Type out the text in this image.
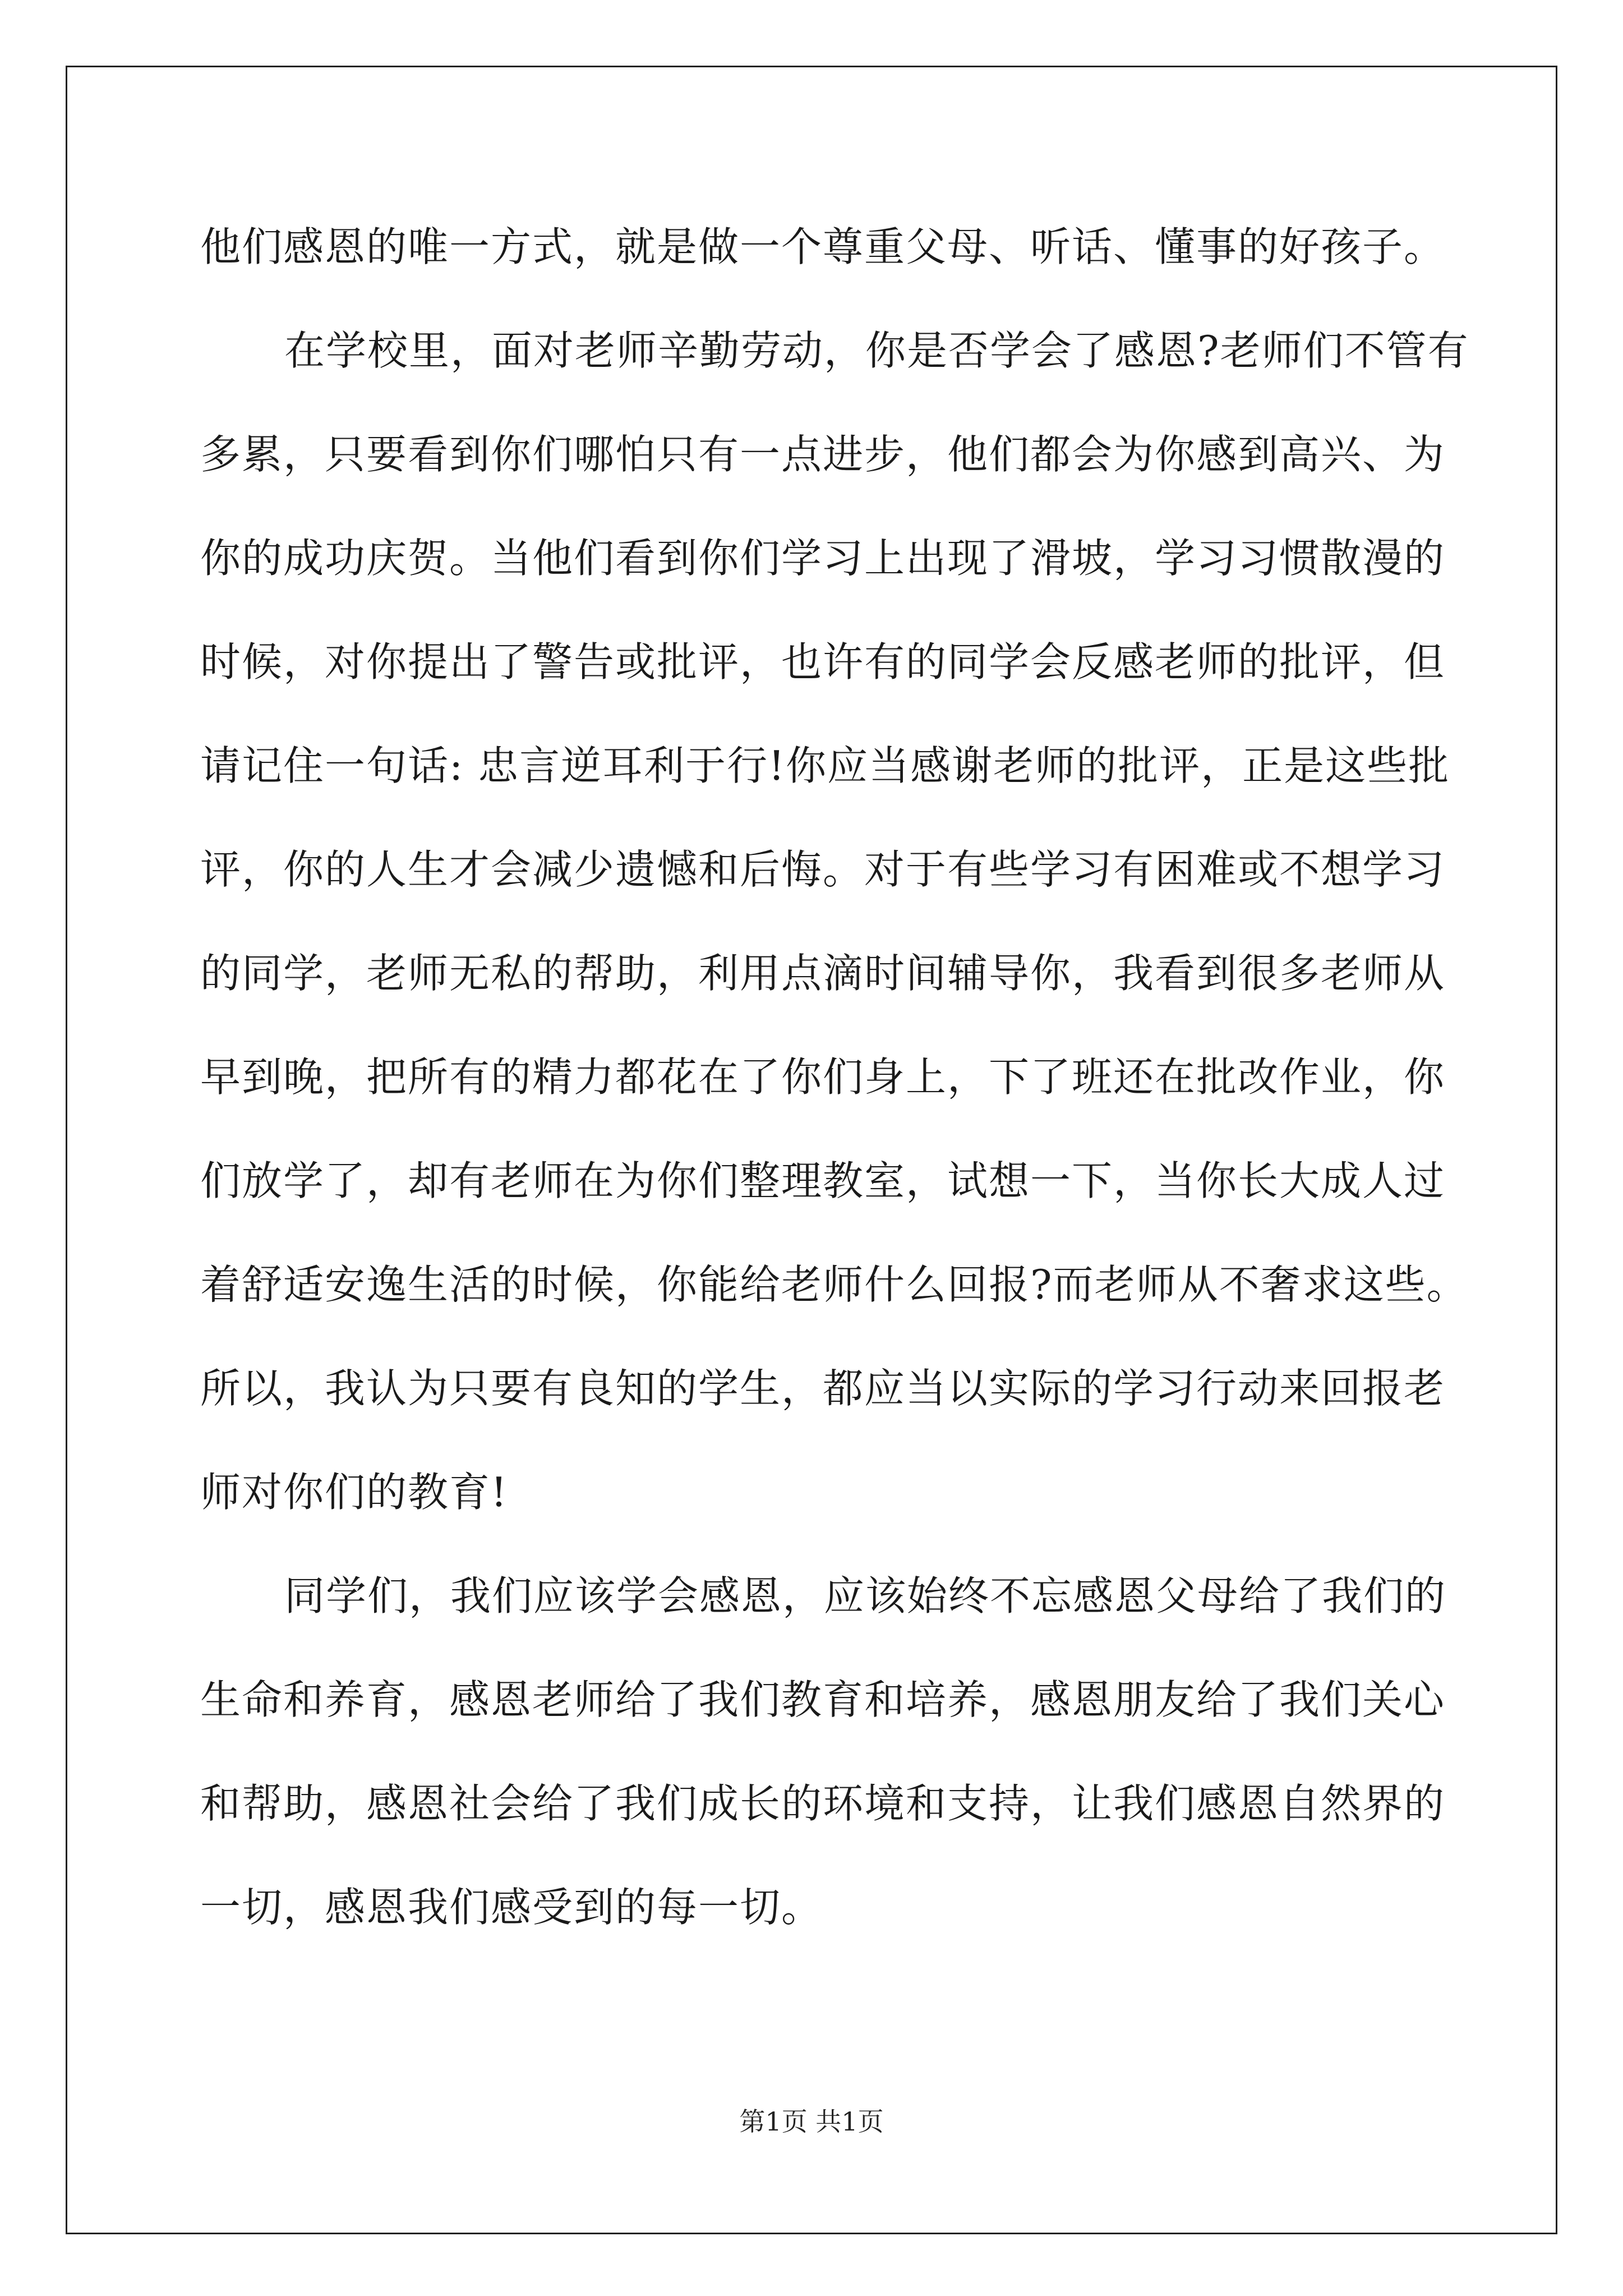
他们感恩的唯一方式，就是做一个尊重父母、听话、懂事的好孩子。
在学校里，面对老师辛勤劳动，你是否学会了感恩?老师们不管有
多累，只要看到你们哪怕只有一点进步，他们都会为你感到高兴、为
你的成功庆贺。当他们看到你们学习上出现了滑坡，学习习惯散漫的
时候，对你提出了警告或批评，也许有的同学会反感老师的批评，但
请记住一句话: 忠言逆耳利于行!你应当感谢老师的批评，正是这些批
评，你的人生才会减少遗憾和后悔。对于有些学习有困难或不想学习
的同学，老师无私的帮助，利用点滴时间辅导你，我看到很多老师从
早到晚，把所有的精力都花在了你们身上，下了班还在批改作业，你
们放学了，却有老师在为你们整理教室，试想一下，当你长大成人过
着舒适安逸生活的时候，你能给老师什么回报?而老师从不奢求这些。
所以，我认为只要有良知的学生，都应当以实际的学习行动来回报老
师对你们的教育!
同学们，我们应该学会感恩，应该始终不忘感恩父母给了我们的
生命和养育，感恩老师给了我们教育和培养，感恩朋友给了我们关心
和帮助，感恩社会给了我们成长的环境和支持，让我们感恩自然界的
一切，感恩我们感受到的每一切。
第1页 共1页
